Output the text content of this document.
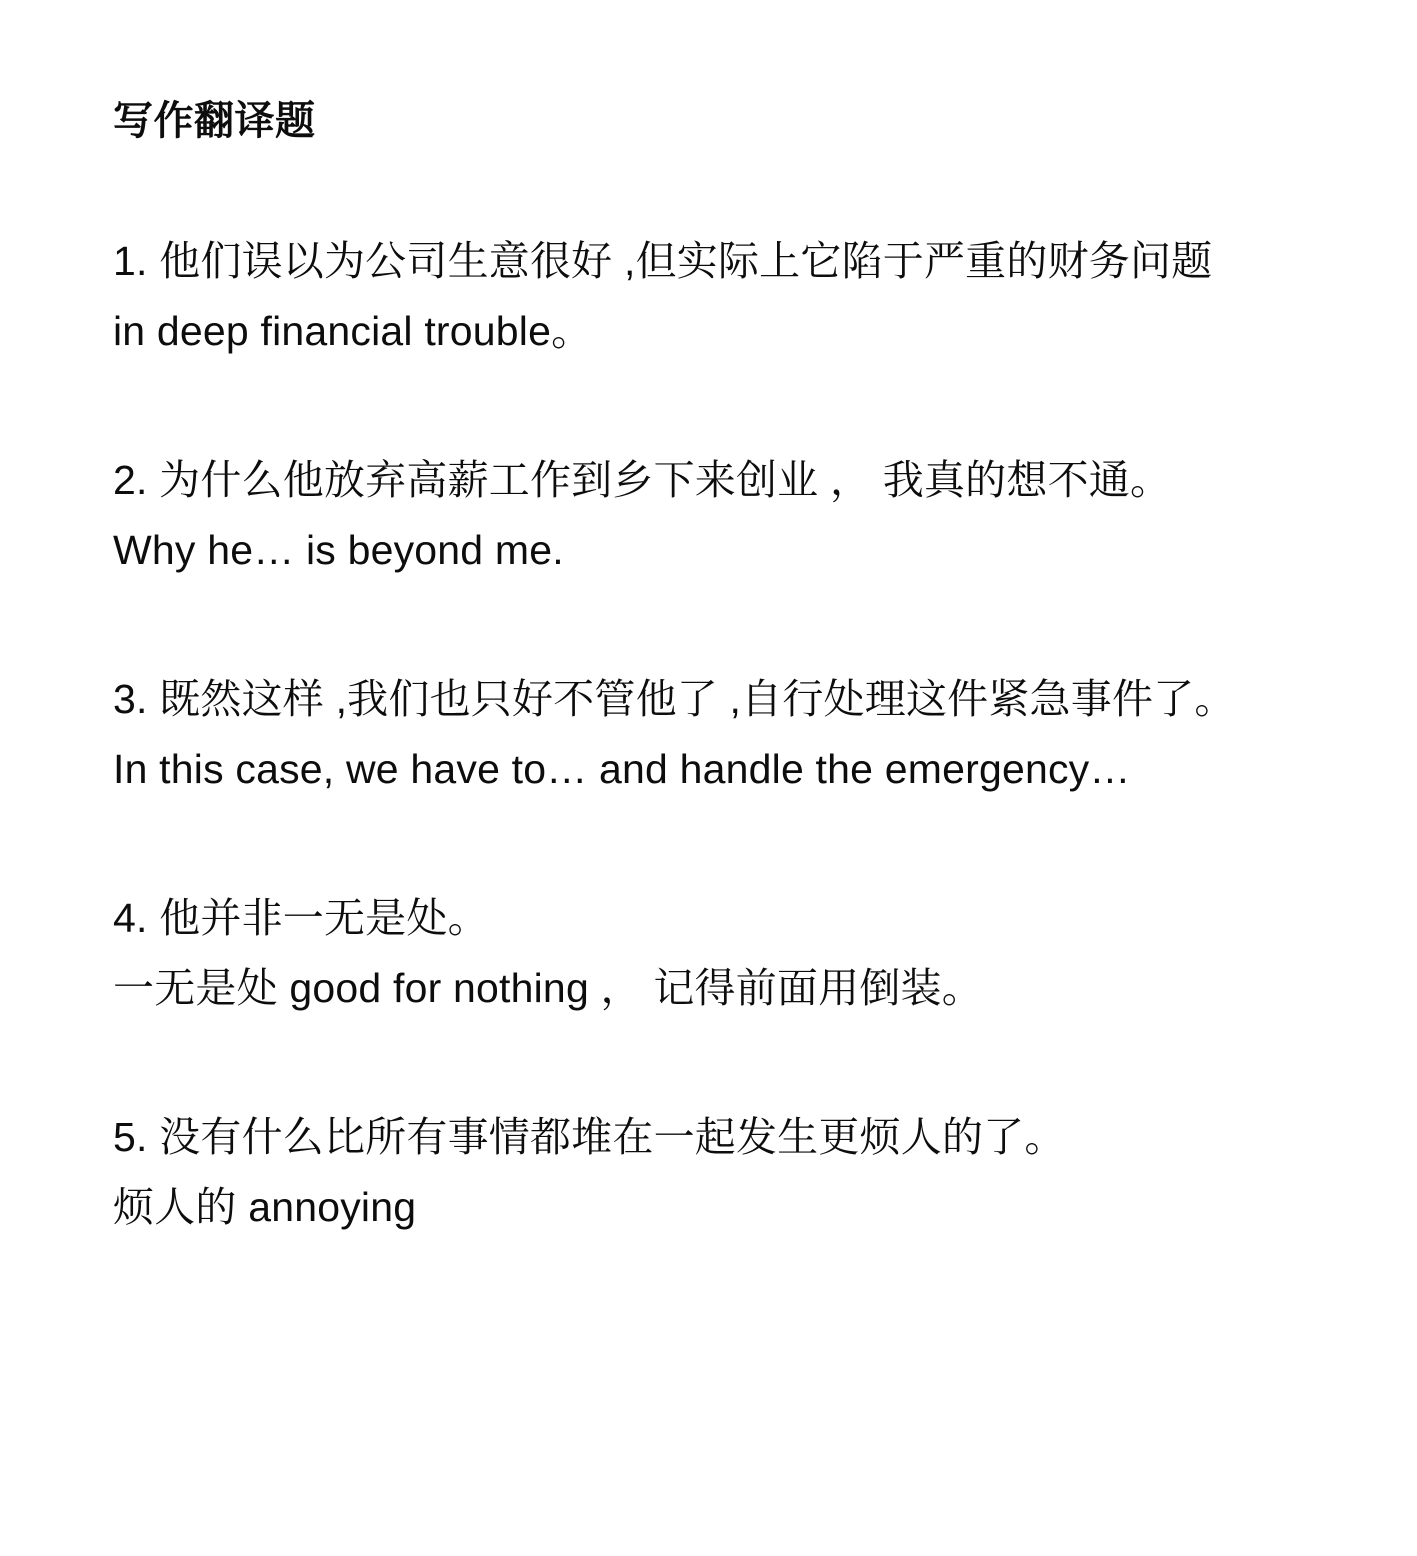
写作翻译题

1. 他们误以为公司生意很好 ,但实际上它陷于严重的财务问题

in deep financial trouble。

2. 为什么他放弃高薪工作到乡下来创业 ， 我真的想不通。

Why he… is beyond me.

3. 既然这样 ,我们也只好不管他了 ,自行处理这件紧急事件了。

In this case, we have to… and handle the emergency…

4. 他并非一无是处。

一无是处 good for nothing ， 记得前面用倒装。

5. 没有什么比所有事情都堆在一起发生更烦人的了。

烦人的 annoying
